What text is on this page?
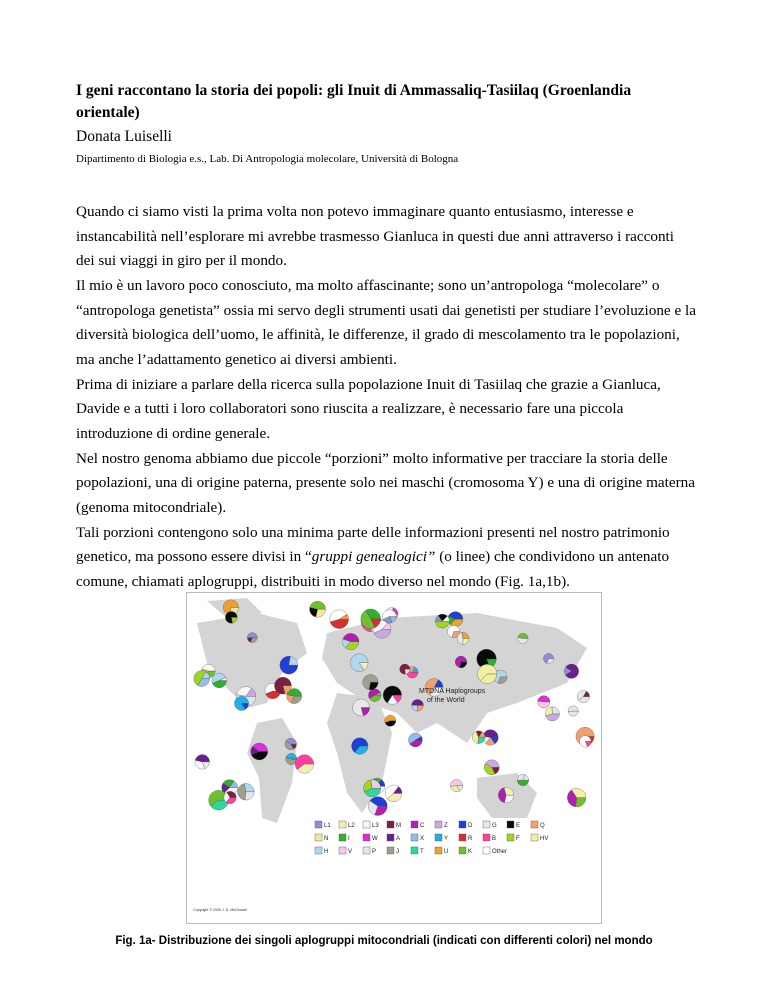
I geni raccontano la storia dei popoli: gli Inuit di Ammassaliq-Tasiilaq (Groenlandia orientale)
Donata Luiselli
Dipartimento di Biologia e.s., Lab. Di Antropologia molecolare, Università di Bologna

Quando ci siamo visti la prima volta non potevo immaginare quanto entusiasmo, interesse e instancabilità nell’esplorare mi avrebbe trasmesso Gianluca in questi due anni attraverso i racconti dei sui viaggi in giro per il mondo.

Il mio è un lavoro poco conosciuto, ma molto affascinante; sono un’antropologa “molecolare” o “antropologa genetista” ossia mi servo degli strumenti usati dai genetisti per studiare l’evoluzione e la diversità biologica dell’uomo, le affinità, le differenze, il grado di mescolamento tra le popolazioni, ma anche l’adattamento genetico ai diversi ambienti.

Prima di iniziare a parlare della ricerca sulla popolazione Inuit di Tasiilaq che grazie a Gianluca, Davide e a tutti i loro collaboratori sono riuscita a realizzare, è necessario fare una piccola introduzione di ordine generale.

Nel nostro genoma abbiamo due piccole “porzioni” molto informative per tracciare la storia delle popolazioni, una di origine paterna, presente solo nei maschi (cromosoma Y) e una di origine materna (genoma mitocondriale).

Tali porzioni contengono solo una minima parte delle informazioni presenti nel nostro patrimonio genetico, ma possono essere divisi in “gruppi genealogici” (o linee) che condividono un antenato comune, chiamati aplogruppi, distribuiti in modo diverso nel mondo (Fig. 1a,1b).

MTDNA Haplogroups
of the World
L1	L2	L3	M	C	Z	D	G	E	Q
N	I	W	A	X	Y	R	B	F	HV
H	V	P	J	T	U	K	Other
Copyright © 2005 J. D. McDonald
Fig. 1a- Distribuzione dei singoli aplogruppi mitocondriali (indicati con differenti colori) nel mondo
